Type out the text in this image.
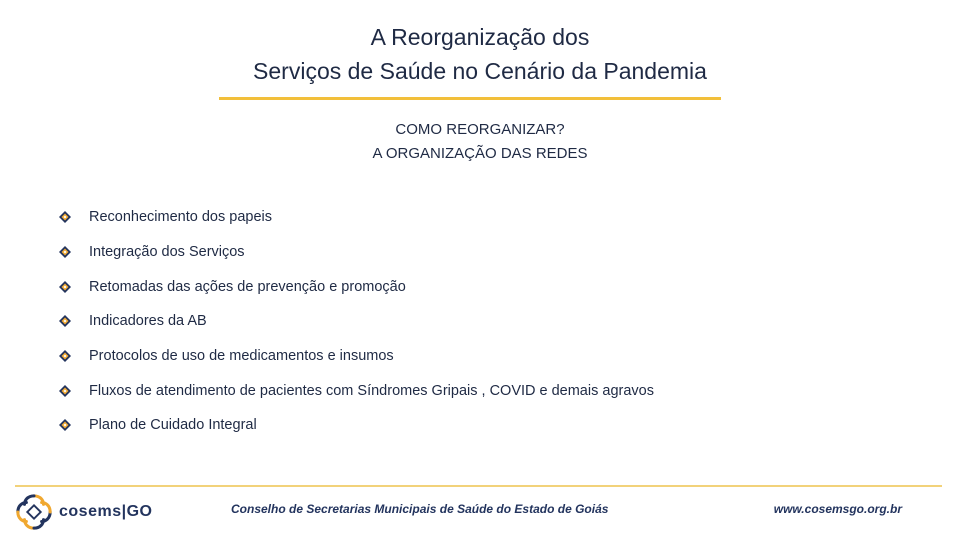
A Reorganização dos
Serviços de Saúde no Cenário da Pandemia
COMO REORGANIZAR?
A ORGANIZAÇÃO DAS REDES
Reconhecimento dos papeis
Integração dos Serviços
Retomadas das ações de prevenção e promoção
Indicadores da AB
Protocolos de uso de medicamentos e insumos
Fluxos de atendimento de pacientes com Síndromes Gripais , COVID e demais agravos
Plano de Cuidado Integral
cosems|GO	Conselho de Secretarias Municipais de Saúde do Estado de Goiás	www.cosemsgo.org.br
